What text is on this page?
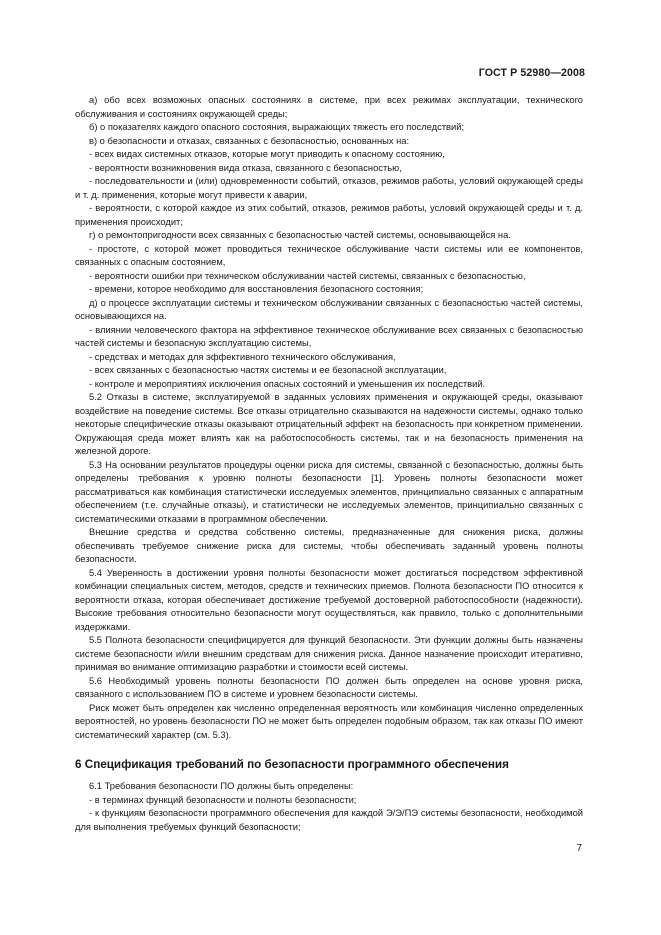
ГОСТ Р 52980—2008

а) обо всех возможных опасных состояниях в системе, при всех режимах эксплуатации, технического обслуживания и состояниях окружающей среды;

б) о показателях каждого опасного состояния, выражающих тяжесть его последствий;

в) о безопасности и отказах, связанных с безопасностью, основанных на:

- всех видах системных отказов, которые могут приводить к опасному состоянию,

- вероятности возникновения вида отказа, связанного с безопасностью,

- последовательности и (или) одновременности событий, отказов, режимов работы, условий окружающей среды и т. д. применения, которые могут привести к аварии,

- вероятности, с которой каждое из этих событий, отказов, режимов работы, условий окружающей среды и т. д. применения происходит;

г) о ремонтопригодности всех связанных с безопасностью частей системы, основывающейся на.

- простоте, с которой может проводиться техническое обслуживание части системы или ее компонентов, связанных с опасным состоянием,

- вероятности ошибки при техническом обслуживании частей системы, связанных с безопасностью,

- времени, которое необходимо для восстановления безопасного состояния;

д) о процессе эксплуатации системы и техническом обслуживании связанных с безопасностью частей системы, основывающихся на.

- влиянии человеческого фактора на эффективное техническое обслуживание всех связанных с безопасностью частей системы и безопасную эксплуатацию системы,

- средствах и методах для эффективного технического обслуживания,

- всех связанных с безопасностью частях системы и ее безопасной эксплуатации,

- контроле и мероприятиях исключения опасных состояний и уменьшения их последствий.

5.2 Отказы в системе, эксплуатируемой в заданных условиях применения и окружающей среды, оказывают воздействие на поведение системы. Все отказы отрицательно сказываются на надежности системы, однако только некоторые специфические отказы оказывают отрицательный эффект на безопасность при конкретном применении. Окружающая среда может влиять как на работоспособность системы, так и на безопасность применения на железной дороге.

5.3 На основании результатов процедуры оценки риска для системы, связанной с безопасностью, должны быть определены требования к уровню полноты безопасности [1]. Уровень полноты безопасности может рассматриваться как комбинация статистически исследуемых элементов, принципиально связанных с аппаратным обеспечением (т.е. случайные отказы), и статистически не исследуемых элементов, принципиально связанных с систематическими отказами в программном обеспечении.

Внешние средства и средства собственно системы, предназначенные для снижения риска, должны обеспечивать требуемое снижение риска для системы, чтобы обеспечивать заданный уровень полноты безопасности.

5.4 Уверенность в достижении уровня полноты безопасности может достигаться посредством эффективной комбинации специальных систем, методов, средств и технических приемов. Полнота безопасности ПО относится к вероятности отказа, которая обеспечивает достижение требуемой достоверной работоспособности (надежности). Высокие требования относительно безопасности могут осуществляться, как правило, только с дополнительными издержками.

5.5 Полнота безопасности специфицируется для функций безопасности. Эти функции должны быть назначены системе безопасности и/или внешним средствам для снижения риска. Данное назначение происходит итеративно, принимая во внимание оптимизацию разработки и стоимости всей системы.

5.6 Необходимый уровень полноты безопасности ПО должен быть определен на основе уровня риска, связанного с использованием ПО в системе и уровнем безопасности системы.

Риск может быть определен как численно определенная вероятность или комбинация численно определенных вероятностей, но уровень безопасности ПО не может быть определен подобным образом, так как отказы ПО имеют систематический характер (см. 5.3).

6 Спецификация требований по безопасности программного обеспечения

6.1 Требования безопасности ПО должны быть определены:

- в терминах функций безопасности и полноты безопасности;

- к функциям безопасности программного обеспечения для каждой Э/Э/ПЭ системы безопасности, необходимой для выполнения требуемых функций безопасности;

7
